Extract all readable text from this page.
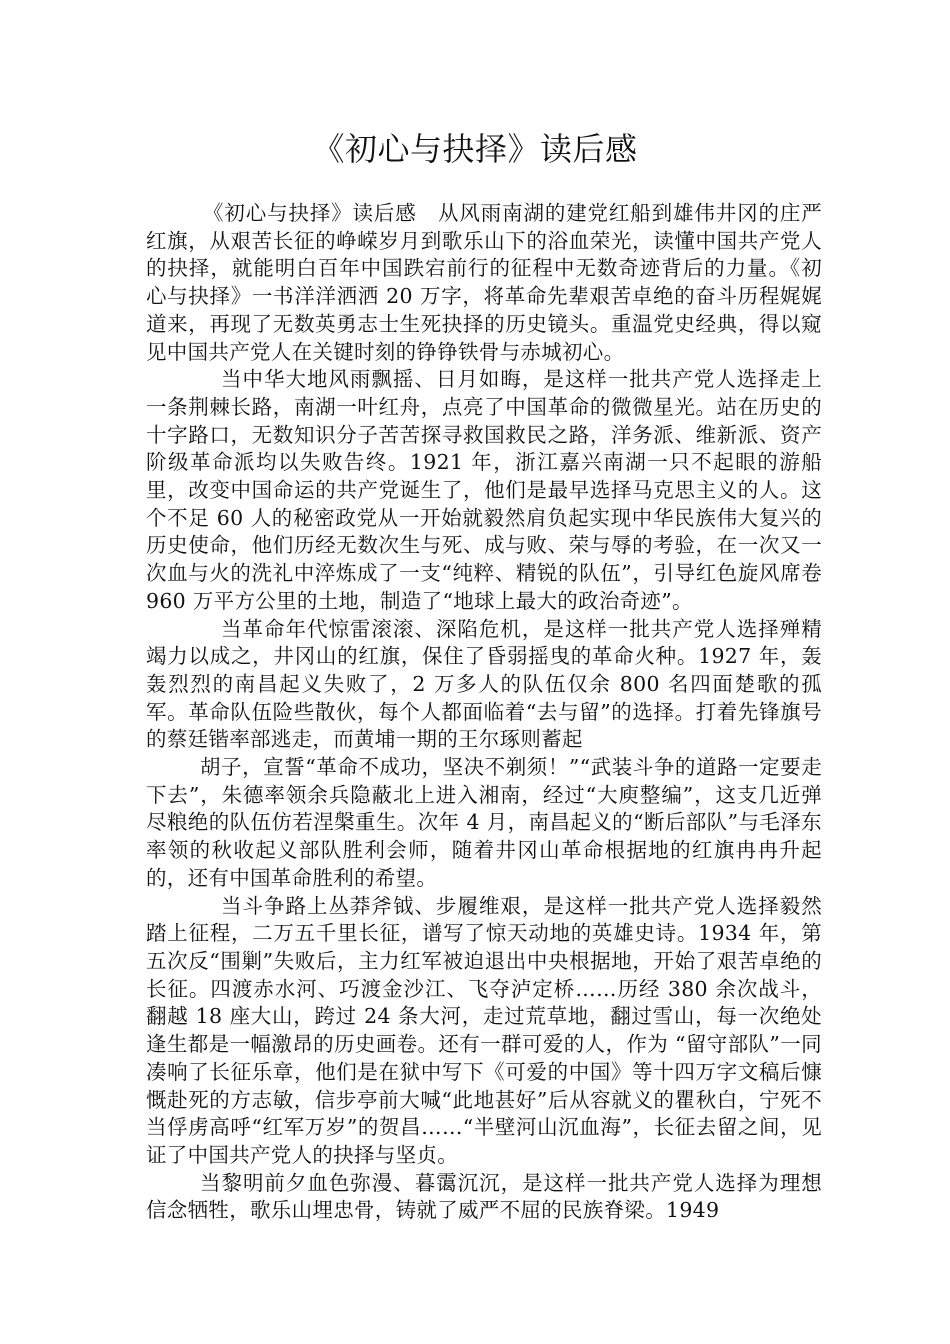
《初心与抉择》读后感

《初心与抉择》读后感　从风雨南湖的建党红船到雄伟井冈的庄严红旗，从艰苦长征的峥嵘岁月到歌乐山下的浴血荣光，读懂中国共产党人的抉择，就能明白百年中国跌宕前行的征程中无数奇迹背后的力量。《初心与抉择》一书洋洋洒洒 20 万字，将革命先辈艰苦卓绝的奋斗历程娓娓道来，再现了无数英勇志士生死抉择的历史镜头。重温党史经典，得以窥见中国共产党人在关键时刻的铮铮铁骨与赤城初心。

当中华大地风雨飘摇、日月如晦，是这样一批共产党人选择走上一条荆棘长路，南湖一叶红舟，点亮了中国革命的微微星光。站在历史的十字路口，无数知识分子苦苦探寻救国救民之路，洋务派、维新派、资产阶级革命派均以失败告终。1921 年，浙江嘉兴南湖一只不起眼的游船里，改变中国命运的共产党诞生了，他们是最早选择马克思主义的人。这个不足 60 人的秘密政党从一开始就毅然肩负起实现中华民族伟大复兴的历史使命，他们历经无数次生与死、成与败、荣与辱的考验，在一次又一次血与火的洗礼中淬炼成了一支“纯粹、精锐的队伍”，引导红色旋风席卷 960 万平方公里的土地，制造了“地球上最大的政治奇迹”。

当革命年代惊雷滚滚、深陷危机，是这样一批共产党人选择殚精竭力以成之，井冈山的红旗，保住了昏弱摇曳的革命火种。1927 年，轰轰烈烈的南昌起义失败了，2 万多人的队伍仅余 800 名四面楚歌的孤军。革命队伍险些散伙，每个人都面临着“去与留”的选择。打着先锋旗号的蔡廷锴率部逃走，而黄埔一期的王尔琢则蓄起

胡子，宣誓“革命不成功，坚决不剃须！”“武装斗争的道路一定要走下去”，朱德率领余兵隐蔽北上进入湘南，经过“大庾整编”，这支几近弹尽粮绝的队伍仿若涅槃重生。次年 4 月，南昌起义的“断后部队”与毛泽东率领的秋收起义部队胜利会师，随着井冈山革命根据地的红旗冉冉升起的，还有中国革命胜利的希望。

当斗争路上丛莽斧钺、步履维艰，是这样一批共产党人选择毅然踏上征程，二万五千里长征，谱写了惊天动地的英雄史诗。1934 年，第五次反“围剿”失败后，主力红军被迫退出中央根据地，开始了艰苦卓绝的长征。四渡赤水河、巧渡金沙江、飞夺泸定桥……历经 380 余次战斗，翻越 18 座大山，跨过 24 条大河，走过荒草地，翻过雪山，每一次绝处逢生都是一幅激昂的历史画卷。还有一群可爱的人，作为 “留守部队”一同凑响了长征乐章，他们是在狱中写下《可爱的中国》等十四万字文稿后慷慨赴死的方志敏，信步亭前大喊“此地甚好”后从容就义的瞿秋白，宁死不当俘虏高呼“红军万岁”的贺昌……“半壁河山沉血海”，长征去留之间，见证了中国共产党人的抉择与坚贞。

当黎明前夕血色弥漫、暮霭沉沉，是这样一批共产党人选择为理想信念牺牲，歌乐山埋忠骨，铸就了威严不屈的民族脊梁。1949
